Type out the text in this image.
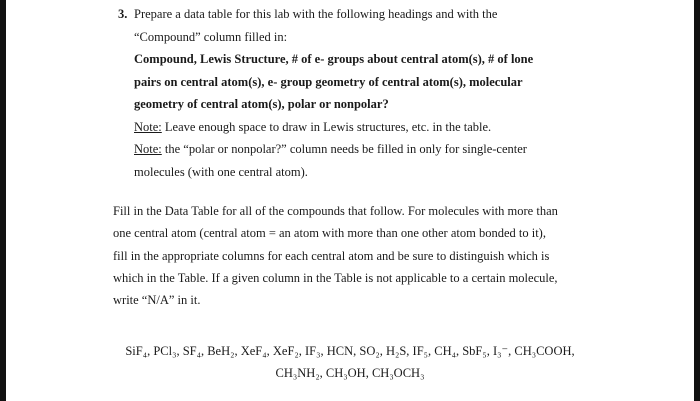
3. Prepare a data table for this lab with the following headings and with the
“Compound” column filled in:
Compound, Lewis Structure, # of e- groups about central atom(s), # of lone
pairs on central atom(s), e- group geometry of central atom(s), molecular
geometry of central atom(s), polar or nonpolar?
Note: Leave enough space to draw in Lewis structures, etc. in the table.
Note: the “polar or nonpolar?” column needs be filled in only for single-center
molecules (with one central atom).
Fill in the Data Table for all of the compounds that follow. For molecules with more than
one central atom (central atom = an atom with more than one other atom bonded to it),
fill in the appropriate columns for each central atom and be sure to distinguish which is
which in the Table. If a given column in the Table is not applicable to a certain molecule,
write “N/A” in it.
SiF₄, PCl₃, SF₄, BeH₂, XeF₄, XeF₂, IF₃, HCN, SO₂, H₂S, IF₅, CH₄, SbF₅, I₃⁻, CH₃COOH,
CH₃NH₂, CH₃OH, CH₃OCH₃
